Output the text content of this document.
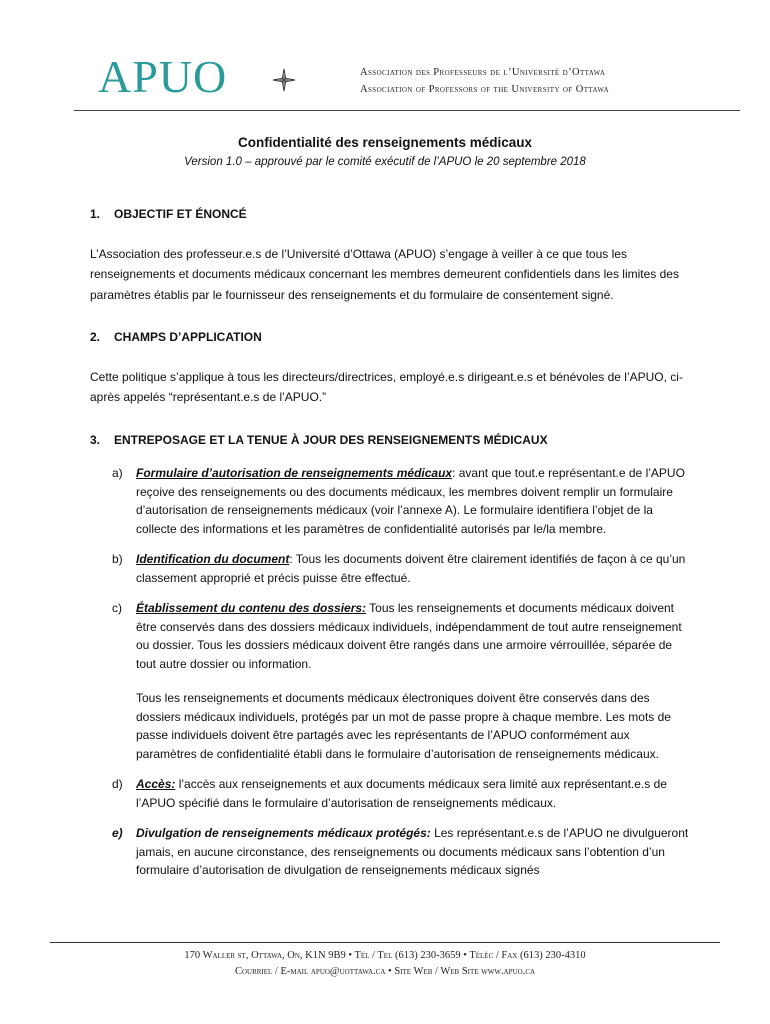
APUO	Association des Professeurs de l’Université d’Ottawa
Association of Professors of the University of Ottawa
Confidentialité des renseignements médicaux
Version 1.0 – approuvé par le comité exécutif de l’APUO le 20 septembre 2018
1.	OBJECTIF ET ÉNONCÉ
L’Association des professeur.e.s de l’Université d’Ottawa (APUO) s’engage à veiller à ce que tous les renseignements et documents médicaux concernant les membres demeurent confidentiels dans les limites des paramètres établis par le fournisseur des renseignements et du formulaire de consentement signé.
2.	CHAMPS D’APPLICATION
Cette politique s’applique à tous les directeurs/directrices, employé.e.s dirigeant.e.s et bénévoles de l’APUO, ci-après appelés “représentant.e.s de l’APUO.”
3.	ENTREPOSAGE ET LA TENUE À JOUR DES RENSEIGNEMENTS MÉDICAUX
a)	Formulaire d’autorisation de renseignements médicaux: avant que tout.e représentant.e de l’APUO reçoive des renseignements ou des documents médicaux, les membres doivent remplir un formulaire d’autorisation de renseignements médicaux (voir l’annexe A). Le formulaire identifiera l’objet de la collecte des informations et les paramètres de confidentialité autorisés par le/la membre.
b)	Identification du document: Tous les documents doivent être clairement identifiés de façon à ce qu’un classement approprié et précis puisse être effectué.
c)	Établissement du contenu des dossiers: Tous les renseignements et documents médicaux doivent être conservés dans des dossiers médicaux individuels, indépendamment de tout autre renseignement ou dossier. Tous les dossiers médicaux doivent être rangés dans une armoire vérrouillée, séparée de tout autre dossier ou information.
Tous les renseignements et documents médicaux électroniques doivent être conservés dans des dossiers médicaux individuels, protégés par un mot de passe propre à chaque membre. Les mots de passe individuels doivent être partagés avec les représentants de l’APUO conformément aux paramètres de confidentialité établi dans le formulaire d’autorisation de renseignements médicaux.
d)	Accès: l’accès aux renseignements et aux documents médicaux sera limité aux représentant.e.s de l’APUO spécifié dans le formulaire d’autorisation de renseignements médicaux.
e)	Divulgation de renseignements médicaux protégés: Les représentant.e.s de l’APUO ne divulgueront jamais, en aucune circonstance, des renseignements ou documents médicaux sans l’obtention d’un formulaire d’autorisation de divulgation de renseignements médicaux signés
170 Waller st, Ottawa, On, K1N 9B9 • Tél / Tel (613) 230-3659 • Téléc / Fax (613) 230-4310
Courriel / E-mail apuo@uottawa.ca • Site Web / Web Site www.apuo.ca
